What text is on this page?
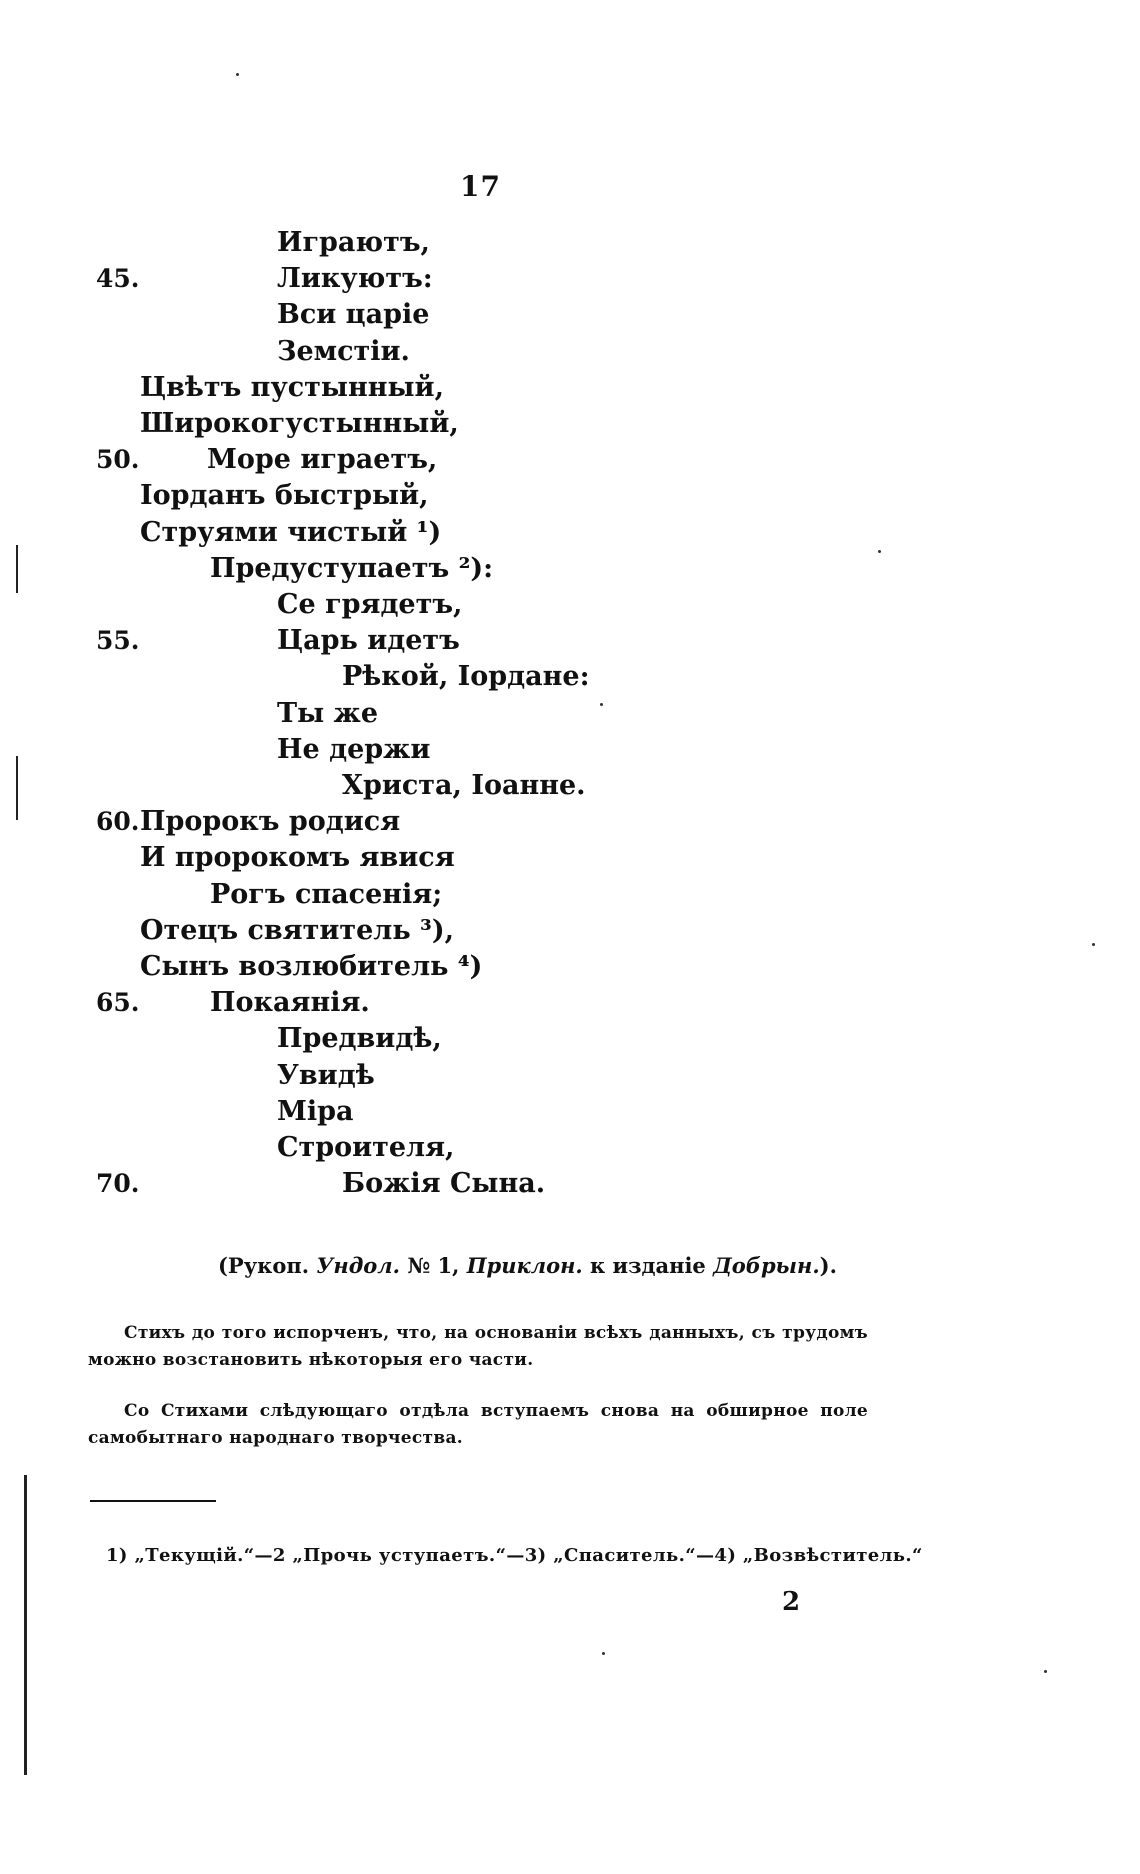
17
Играютъ,
45.	Ликуютъ:
Вси царіе
Земстіи.
Цвѣтъ пустынный,
Широкогустынный,
50.	Море играетъ,
Іорданъ быстрый,
Струями чистый ¹)
Предуступаетъ ²):
Се грядетъ,
55.	Царь идетъ
Рѣкой, Іордане:
Ты же
Не держи
Христа, Іоанне.
60. Пророкъ родися
И пророкомъ явися
Рогъ спасенія;
Отецъ святитель ³),
Сынъ возлюбитель ⁴)
65.	Покаянія.
Предвидѣ,
Увидѣ
Міра
Строителя,
70.	Божія Сына.
(Рукоп. Ундол. № 1, Приклон. к изданіе Добрын.).

Стихъ до того испорченъ, что, на основаніи всѣхъ данныхъ, съ трудомъ можно возстановить нѣкоторыя его части.

Со Стихами слѣдующаго отдѣла вступаемъ снова на обширное поле самобытнаго народнаго творчества.

1) „Текущій.“—2 „Прочь уступаетъ.“—3) „Спаситель.“—4) „Возвѣститель.“
2
